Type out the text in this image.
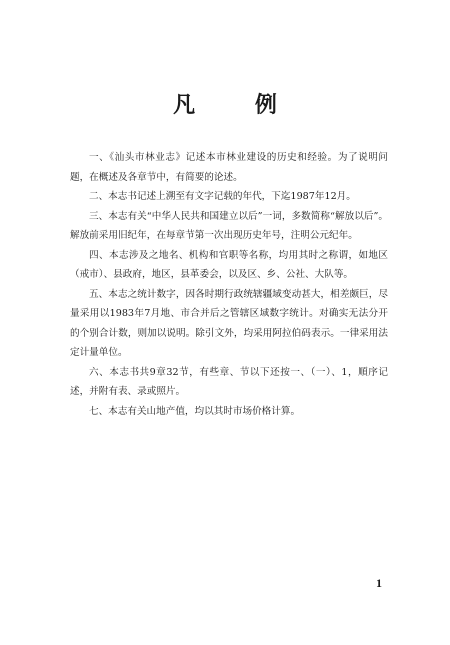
凡 例

一、《汕头市林业志》记述本市林业建设的历史和经验。为了说明问题，在概述及各章节中，有简要的论述。

二、本志书记述上溯至有文字记载的年代，下迄1987年12月。

三、本志有关“中华人民共和国建立以后”一词，多数简称“解放以后”。解放前采用旧纪年，在每章节第一次出现历史年号，注明公元纪年。

四、本志涉及之地名、机构和官职等名称，均用其时之称谓，如地区（戒市）、县政府，地区，县革委会，以及区、乡、公社、大队等。

五、本志之统计数字，因各时期行政统辖疆域变动甚大，相差颇巨，尽量采用以1983年7月地、市合并后之管辖区域数字统计。对确实无法分开的个别合计数，则加以说明。除引文外，均采用阿拉伯码表示。一律采用法定计量单位。

六、本志书共9章32节，有些章、节以下还按一、（一）、1，順序记述，并附有表、录或照片。

七、本志有关山地产值，均以其时市场价格计算。

1
